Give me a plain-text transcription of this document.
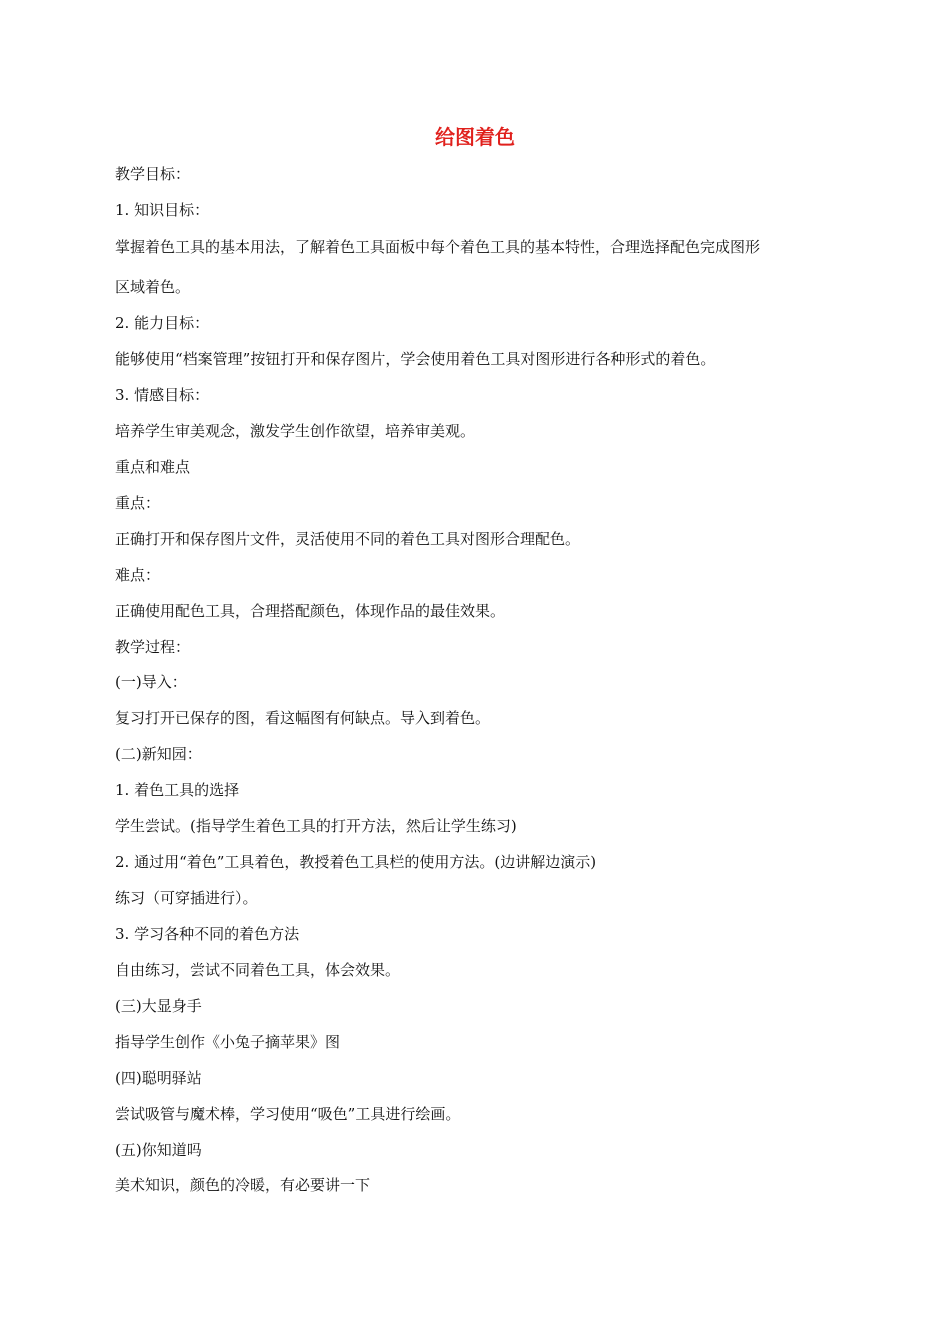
给图着色
教学目标：
1. 知识目标：
掌握着色工具的基本用法，了解着色工具面板中每个着色工具的基本特性，合理选择配色完成图形
区域着色。
2. 能力目标：
能够使用“档案管理”按钮打开和保存图片，学会使用着色工具对图形进行各种形式的着色。
3. 情感目标：
培养学生审美观念，激发学生创作欲望，培养审美观。
重点和难点
重点：
正确打开和保存图片文件，灵活使用不同的着色工具对图形合理配色。
难点：
正确使用配色工具，合理搭配颜色，体现作品的最佳效果。
教学过程：
(一)导入：
复习打开已保存的图，看这幅图有何缺点。导入到着色。
(二)新知园：
1. 着色工具的选择
学生尝试。(指导学生着色工具的打开方法，然后让学生练习)
2. 通过用“着色”工具着色，教授着色工具栏的使用方法。(边讲解边演示)
练习（可穿插进行）。
3. 学习各种不同的着色方法
自由练习，尝试不同着色工具，体会效果。
(三)大显身手
指导学生创作《小兔子摘苹果》图
(四)聪明驿站
尝试吸管与魔术棒，学习使用“吸色”工具进行绘画。
(五)你知道吗
美术知识，颜色的冷暖，有必要讲一下
